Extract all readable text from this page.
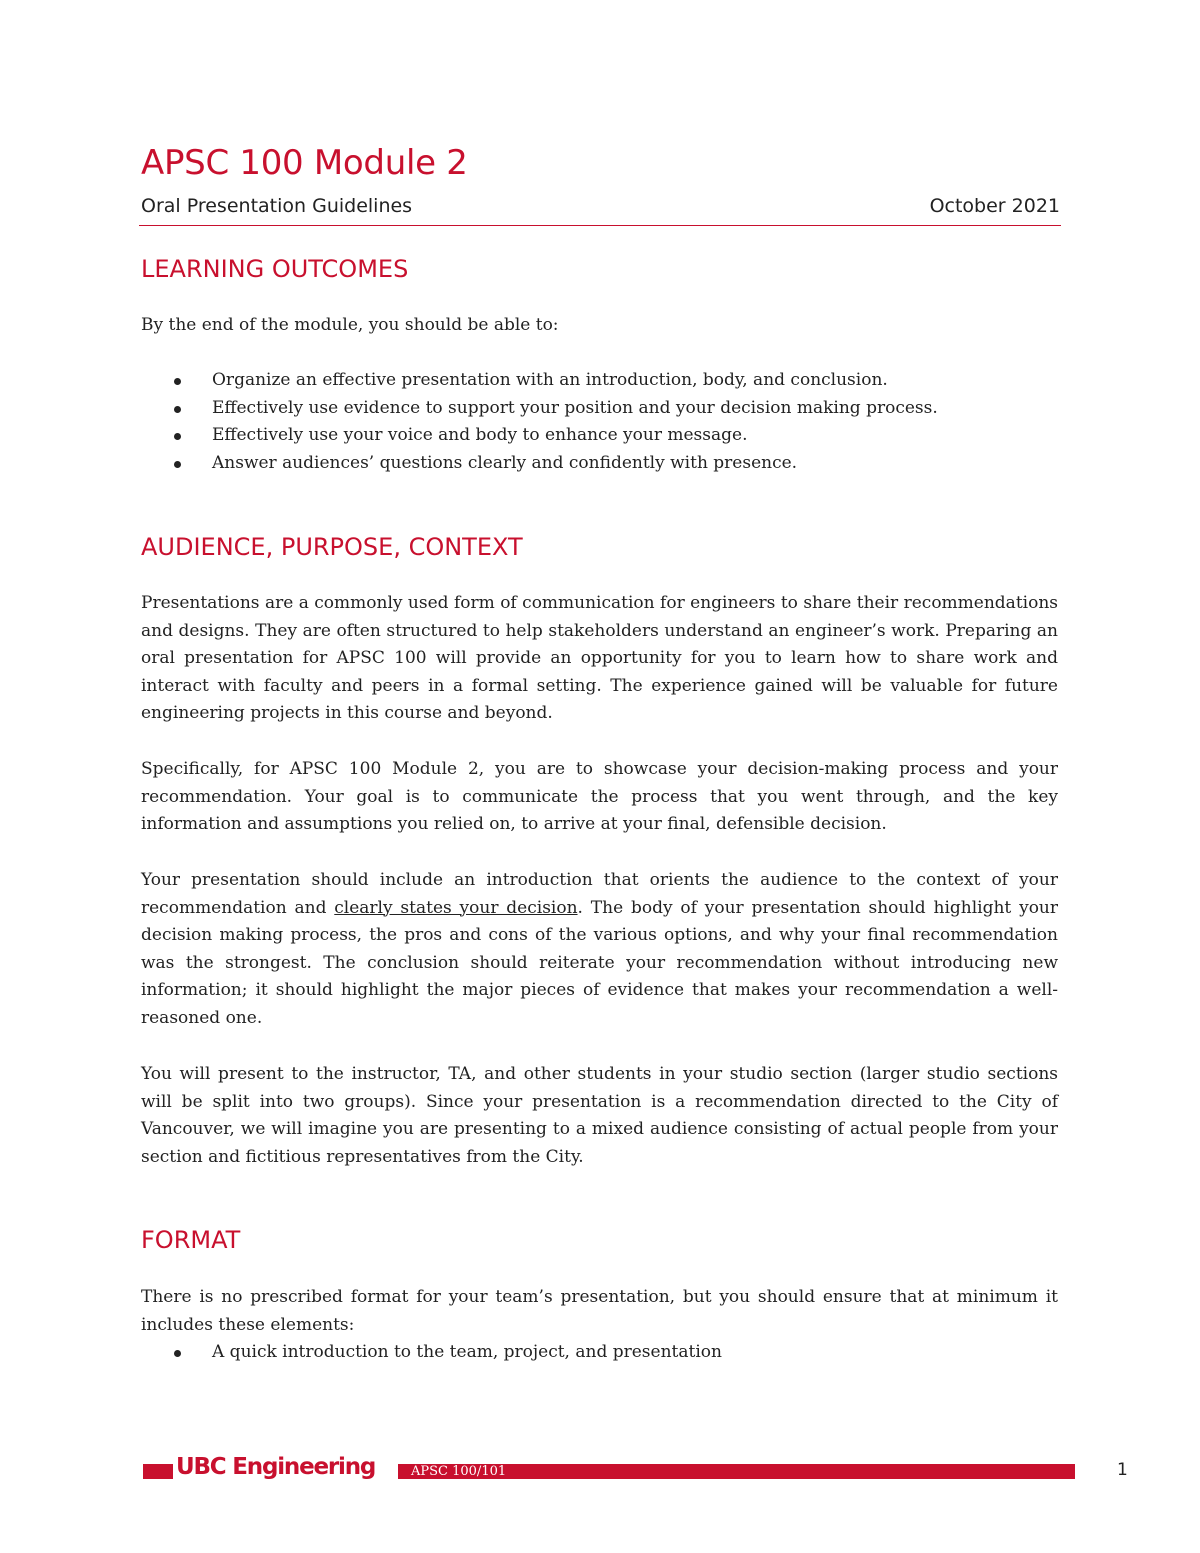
APSC 100 Module 2
Oral Presentation Guidelines	October 2021
LEARNING OUTCOMES

By the end of the module, you should be able to:

Organize an effective presentation with an introduction, body, and conclusion.
Effectively use evidence to support your position and your decision making process.
Effectively use your voice and body to enhance your message.
Answer audiences’ questions clearly and confidently with presence.
AUDIENCE, PURPOSE, CONTEXT

Presentations are a commonly used form of communication for engineers to share their recommendations and designs. They are often structured to help stakeholders understand an engineer’s work. Preparing an oral presentation for APSC 100 will provide an opportunity for you to learn how to share work and interact with faculty and peers in a formal setting. The experience gained will be valuable for future engineering projects in this course and beyond.

Specifically, for APSC 100 Module 2, you are to showcase your decision-making process and your recommendation. Your goal is to communicate the process that you went through, and the key information and assumptions you relied on, to arrive at your final, defensible decision.

Your presentation should include an introduction that orients the audience to the context of your recommendation and clearly states your decision. The body of your presentation should highlight your decision making process, the pros and cons of the various options, and why your final recommendation was the strongest. The conclusion should reiterate your recommendation without introducing new information; it should highlight the major pieces of evidence that makes your recommendation a well-reasoned one.

You will present to the instructor, TA, and other students in your studio section (larger studio sections will be split into two groups). Since your presentation is a recommendation directed to the City of Vancouver, we will imagine you are presenting to a mixed audience consisting of actual people from your section and fictitious representatives from the City.

FORMAT

There is no prescribed format for your team’s presentation, but you should ensure that at minimum it includes these elements:

A quick introduction to the team, project, and presentation
UBC Engineering	APSC 100/101	1
